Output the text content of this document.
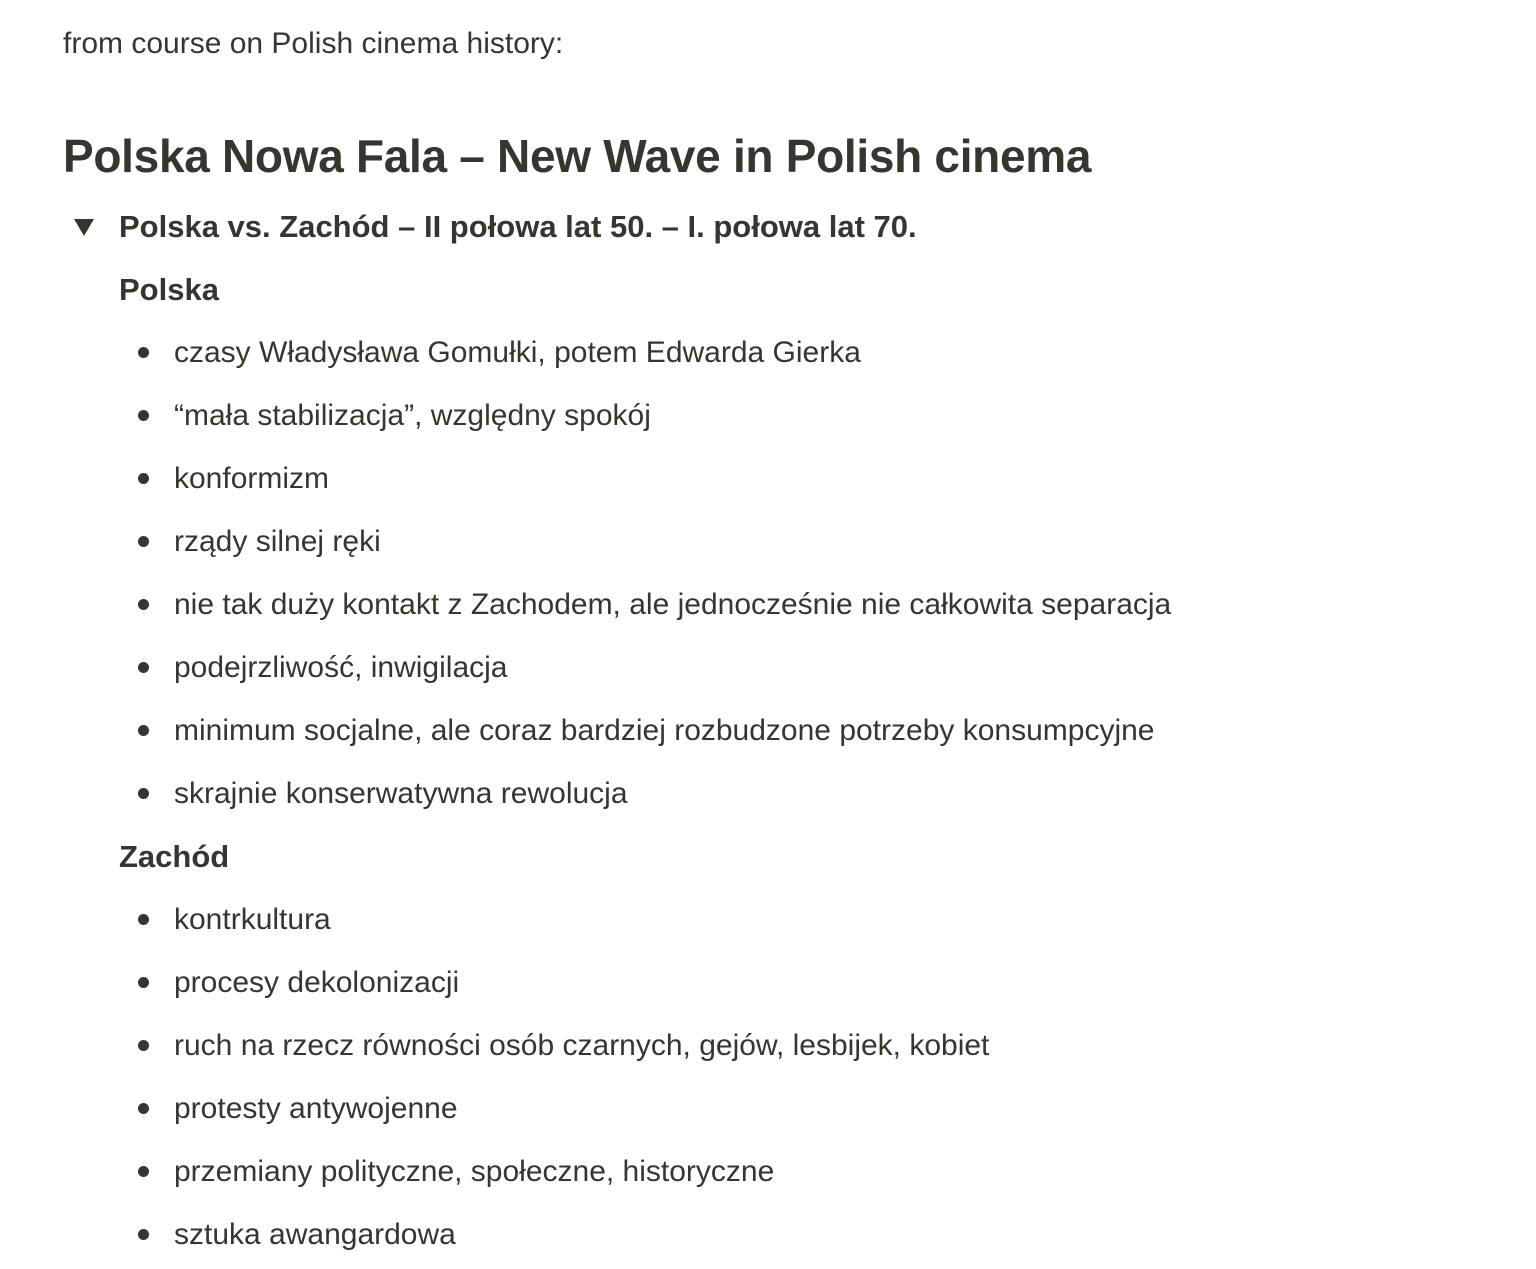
from course on Polish cinema history:

Polska Nowa Fala – New Wave in Polish cinema

Polska vs. Zachód – II połowa lat 50. – I. połowa lat 70.

Polska
czasy Władysława Gomułki, potem Edwarda Gierka
“mała stabilizacja”, względny spokój
konformizm
rządy silnej ręki
nie tak duży kontakt z Zachodem, ale jednocześnie nie całkowita separacja
podejrzliwość, inwigilacja
minimum socjalne, ale coraz bardziej rozbudzone potrzeby konsumpcyjne
skrajnie konserwatywna rewolucja
Zachód
kontrkultura
procesy dekolonizacji
ruch na rzecz równości osób czarnych, gejów, lesbijek, kobiet
protesty antywojenne
przemiany polityczne, społeczne, historyczne
sztuka awangardowa
